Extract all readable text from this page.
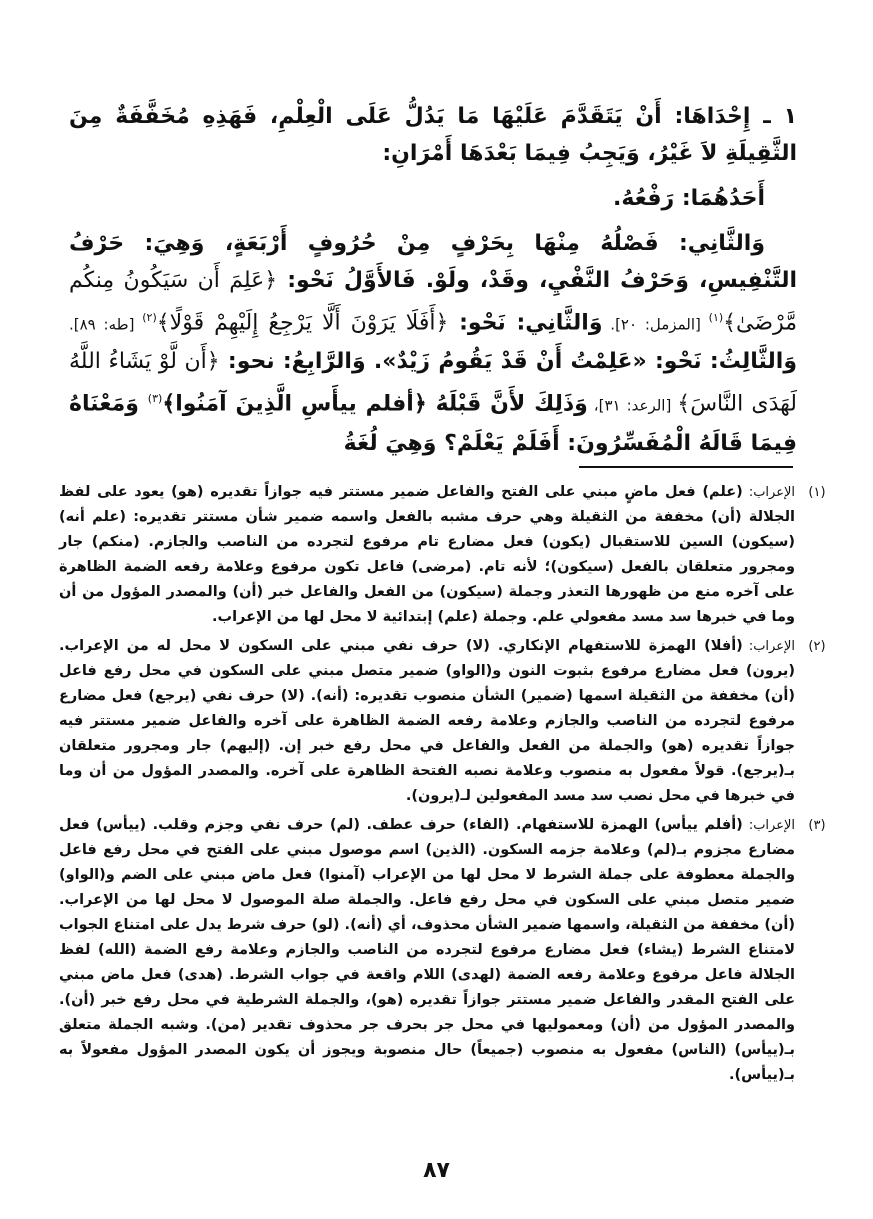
١ ـ إِحْدَاهَا: أَنْ يَتَقَدَّمَ عَلَيْهَا مَا يَدُلُّ عَلَى الْعِلْمِ، فَهَذِهِ مُخَفَّفَةٌ مِنَ الثَّقِيلَةِ لاَ غَيْرُ، وَيَجِبُ فِيمَا بَعْدَهَا أَمْرَانِ:

أَحَدُهُمَا: رَفْعُهُ.

وَالثَّانِي: فَصْلُهُ مِنْهَا بِحَرْفٍ مِنْ حُرُوفٍ أَرْبَعَةٍ، وَهِيَ: حَرْفُ التَّنْفِيسِ، وَحَرْفُ النَّفْيِ، وقَدْ، ولَوْ. فَالأَوَّلُ نَحْو: ﴿عَلِمَ أَن سَيَكُونُ مِنكُم مَّرْضَىٰ﴾$^{(١)}$ [المزمل: ٢٠]. وَالثَّانِي: نَحْو: ﴿أَفَلَا يَرَوْنَ أَلَّا يَرْجِعُ إِلَيْهِمْ قَوْلًا﴾$^{(٢)}$ [طه: ٨٩]. وَالثَّالِثُ: نَحْو: «عَلِمْتُ أَنْ قَدْ يَقُومُ زَيْدٌ». وَالرَّابِعُ: نحو: ﴿أَن لَّوْ يَشَاءُ اللَّهُ لَهَدَى النَّاسَ﴾ [الرعد: ٣١]، وَذَلِكَ لأَنَّ قَبْلَهُ ﴿أفلم ييأَسِ الَّذِينَ آمَنُوا﴾$^{(٣)}$ وَمَعْنَاهُ فِيمَا قَالَهُ الْمُفَسِّرُونَ: أَفَلَمْ يَعْلَمْ؟ وَهِيَ لُغَةُ

(١)
الإعراب:(علم) فعل ماضٍ مبني على الفتح والفاعل ضمير مستتر فيه جوازاً تقديره (هو) يعود على لفظ الجلالة (أن) مخففة من الثقيلة وهي حرف مشبه بالفعل واسمه ضمير شأن مستتر تقديره: (علم أنه) (سيكون) السين للاستقبال (يكون) فعل مضارع تام مرفوع لتجرده من الناصب والجازم. (منكم) جار ومجرور متعلقان بالفعل (سيكون)؛ لأنه تام. (مرضى) فاعل تكون مرفوع وعلامة رفعه الضمة الظاهرة على آخره منع من ظهورها التعذر وجملة (سيكون) من الفعل والفاعل خبر (أن) والمصدر المؤول من أن وما في خبرها سد مسد مفعولي علم. وجملة (علم) إبتدائية لا محل لها من الإعراب.
(٢)
الإعراب:(أفلا) الهمزة للاستفهام الإنكاري. (لا) حرف نفي مبني على السكون لا محل له من الإعراب. (يرون) فعل مضارع مرفوع بثبوت النون و(الواو) ضمير متصل مبني على السكون في محل رفع فاعل (أن) مخففة من الثقيلة اسمها (ضمير) الشأن منصوب تقديره: (أنه). (لا) حرف نفي (يرجع) فعل مضارع مرفوع لتجرده من الناصب والجازم وعلامة رفعه الضمة الظاهرة على آخره والفاعل ضمير مستتر فيه جوازاً تقديره (هو) والجملة من الفعل والفاعل في محل رفع خبر إن. (إليهم) جار ومجرور متعلقان بـ(يرجع). قولاً مفعول به منصوب وعلامة نصبه الفتحة الظاهرة على آخره. والمصدر المؤول من أن وما في خبرها في محل نصب سد مسد المفعولين لـ(يرون).
(٣)
الإعراب:(أفلم ييأس) الهمزة للاستفهام. (الفاء) حرف عطف. (لم) حرف نفي وجزم وقلب. (ييأس) فعل مضارع مجزوم بـ(لم) وعلامة جزمه السكون. (الذين) اسم موصول مبني على الفتح في محل رفع فاعل والجملة معطوفة على جملة الشرط لا محل لها من الإعراب (آمنوا) فعل ماض مبني على الضم و(الواو) ضمير متصل مبني على السكون في محل رفع فاعل. والجملة صلة الموصول لا محل لها من الإعراب. (أن) مخففة من الثقيلة، واسمها ضمير الشأن محذوف، أي (أنه). (لو) حرف شرط يدل على امتناع الجواب لامتناع الشرط (يشاء) فعل مضارع مرفوع لتجرده من الناصب والجازم وعلامة رفع الضمة (الله) لفظ الجلالة فاعل مرفوع وعلامة رفعه الضمة (لهدى) اللام واقعة في جواب الشرط. (هدى) فعل ماض مبني على الفتح المقدر والفاعل ضمير مستتر جوازاً تقديره (هو)، والجملة الشرطية في محل رفع خبر (أن). والمصدر المؤول من (أن) ومعموليها في محل جر بحرف جر محذوف تقدير (من). وشبه الجملة متعلق بـ(ييأس) (الناس) مفعول به منصوب (جميعاً) حال منصوبة ويجوز أن يكون المصدر المؤول مفعولاً به بـ(ييأس).
٨٧
